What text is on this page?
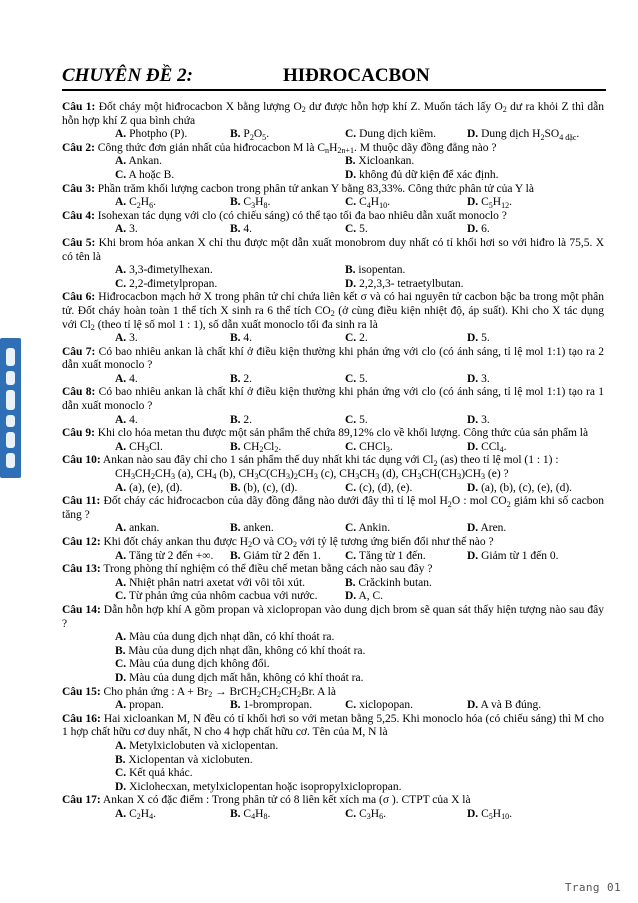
CHUYÊN ĐỀ 2:	HIĐROCACBON

Câu 1: Đốt cháy một hiđrocacbon X bằng lượng $O_2$ dư được hỗn hợp khí Z. Muốn tách lấy $O_2$ dư ra khỏi Z thì dẫn hỗn hợp khí Z qua bình chứa

A. Photpho (P).	B. $P_2O_5$.	C. Dung dịch kiềm.	D. Dung dịch $H_2SO_{4 đặc}$.

Câu 2: Công thức đơn giản nhất của hiđrocacbon M là $C_nH_{2n+1}$. M thuộc dãy đồng đẳng nào ?

A. Ankan.	B. Xicloankan.
C. A hoặc B.	D. không đủ dữ kiện để xác định.

Câu 3: Phần trăm khối lượng cacbon trong phân tử ankan Y bằng 83,33%. Công thức phân tử của Y là

A. $C_2H_6$.	B. $C_3H_8$.	C. $C_4H_{10}$.	D. $C_5H_{12}$.

Câu 4: Isohexan tác dụng với clo (có chiếu sáng) có thể tạo tối đa bao nhiêu dẫn xuất monoclo ?

A. 3.	B. 4.	C. 5.	D. 6.

Câu 5: Khi brom hóa ankan X chỉ thu được một dẫn xuất monobrom duy nhất có tỉ khối hơi so với hiđro là 75,5. X có tên là

A. 3,3-đimetylhexan.	B. isopentan.
C. 2,2-đimetylpropan.	D. 2,2,3,3- tetraetylbutan.

Câu 6: Hiđrocacbon mạch hở X trong phân tử chỉ chứa liên kết σ và có hai nguyên tử cacbon bậc ba trong một phân tử. Đốt cháy hoàn toàn 1 thể tích X sinh ra 6 thể tích $CO_2$ (ở cùng điều kiện nhiệt độ, áp suất). Khi cho X tác dụng với $Cl_2$ (theo tỉ lệ số mol 1 : 1), số dẫn xuất monoclo tối đa sinh ra là

A. 3.	B. 4.	C. 2.	D. 5.

Câu 7: Có bao nhiêu ankan là chất khí ở điều kiện thường khi phản ứng với clo (có ánh sáng, tỉ lệ mol 1:1) tạo ra 2 dẫn xuất monoclo ?

A. 4.	B. 2.	C. 5.	D. 3.

Câu 8: Có bao nhiêu ankan là chất khí ở điều kiện thường khi phản ứng với clo (có ánh sáng, tỉ lệ mol 1:1) tạo ra 1 dẫn xuất monoclo ?

A. 4.	B. 2.	C. 5.	D. 3.

Câu 9: Khi clo hóa metan thu được một sản phẩm thế chứa 89,12% clo về khối lượng. Công thức của sản phẩm là

A. $CH_3Cl$.	B. $CH_2Cl_2$.	C. CHCl$_3$.	D. CCl$_4$.

Câu 10: Ankan nào sau đây chỉ cho 1 sản phẩm thế duy nhất khi tác dụng với $Cl_2$ (as) theo tỉ lệ mol (1 : 1) :

$CH_3CH_2CH_3$ (a), $CH_4$ (b), $CH_3C(CH_3)_2CH_3$ (c), $CH_3CH_3$ (d), $CH_3CH(CH_3)CH_3$ (e) ?

A. (a), (e), (d).	B. (b), (c), (d).	C. (c), (d), (e).	D. (a), (b), (c), (e), (d).

Câu 11: Đốt cháy các hiđrocacbon của dãy đồng đẳng nào dưới đây thì tỉ lệ mol $H_2O$ : mol $CO_2$ giảm khi số cacbon tăng ?

A. ankan.	B. anken.	C. Ankin.	D. Aren.

Câu 12: Khi đốt cháy ankan thu được $H_2O$ và $CO_2$ với tỷ lệ tương ứng biến đổi như thế nào ?

A. Tăng từ 2 đến +∞.	B. Giảm từ 2 đến 1.	C. Tăng từ 1 đến.	D. Giảm từ 1 đến 0.

Câu 13: Trong phòng thí nghiệm có thể điều chế metan bằng cách nào sau đây ?

A. Nhiệt phân natri axetat với vôi tôi xút.	B. Crăckinh butan.
C. Từ phản ứng của nhôm cacbua với nước.	D. A, C.

Câu 14: Dẫn hỗn hợp khí A gồm propan và xiclopropan vào dung dịch brom sẽ quan sát thấy hiện tượng nào sau đây ?

A. Màu của dung dịch nhạt dần, có khí thoát ra.
B. Màu của dung dịch nhạt dần, không có khí thoát ra.
C. Màu của dung dịch không đổi.
D. Màu của dung dịch mất hẳn, không có khí thoát ra.

Câu 15: Cho phản ứng : $A + Br_2$ → $BrCH_2CH_2CH_2Br$. A là

A. propan.	B. 1-brompropan.	C. xiclopopan.	D. A và B đúng.

Câu 16: Hai xicloankan M, N đều có tỉ khối hơi so với metan bằng 5,25. Khi monoclo hóa (có chiếu sáng) thì M cho 1 hợp chất hữu cơ duy nhất, N cho 4 hợp chất hữu cơ. Tên của M, N là

A. Metylxiclobuten và xiclopentan.
B. Xiclopentan và xiclobuten.
C. Kết quả khác.
D. Xiclohecxan, metylxiclopentan hoặc isopropylxiclopropan.

Câu 17: Ankan X có đặc điểm : Trong phân tử có 8 liên kết xích ma (σ ). CTPT của X là

A. $C_2H_4$.	B. $C_4H_8$.	C. $C_3H_6$.	D. $C_5H_{10}$.
Trang 01
